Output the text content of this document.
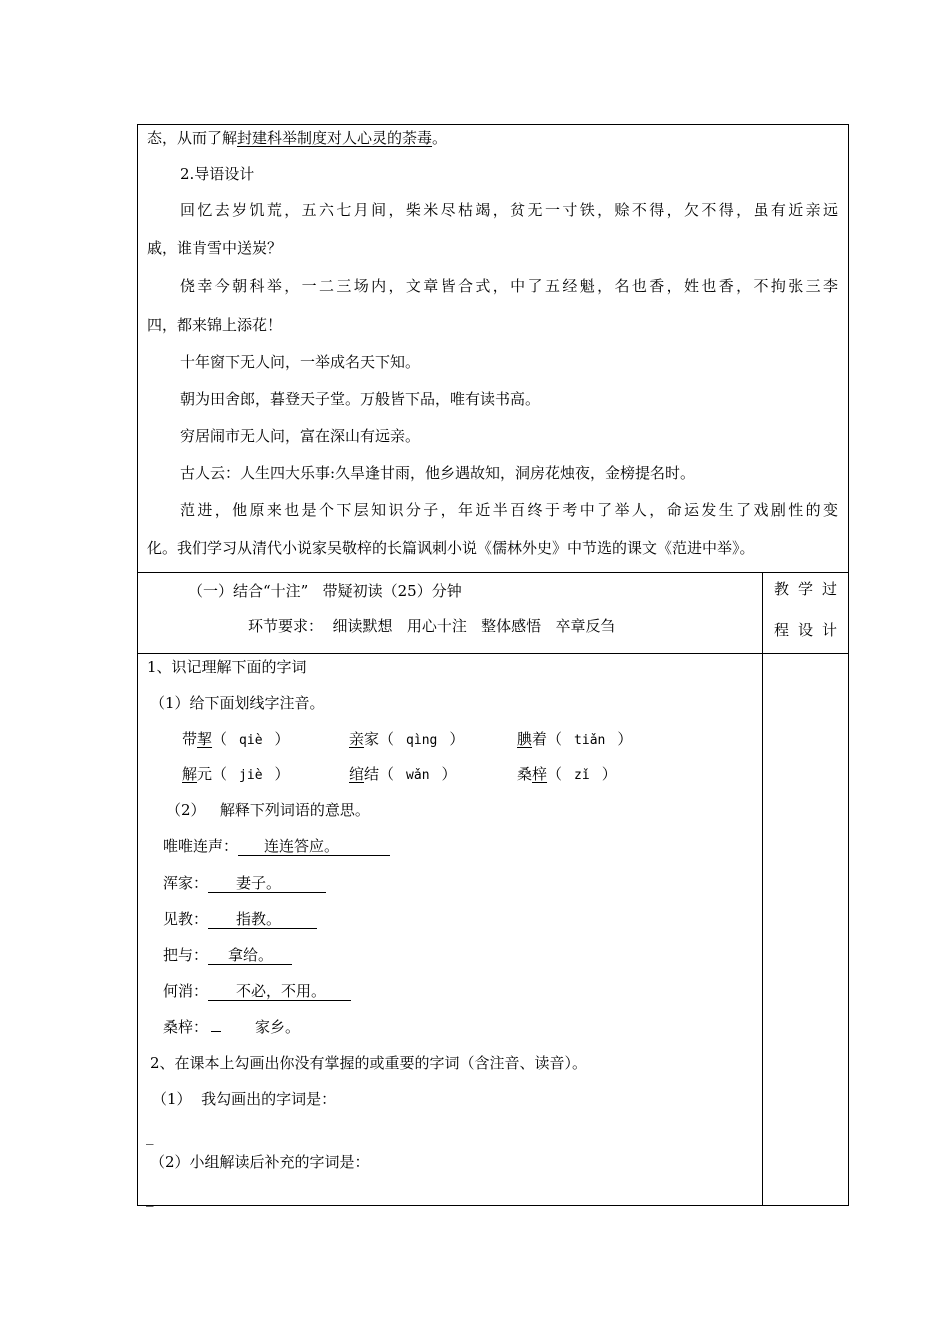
态，从而了解封建科举制度对人心灵的荼毒。
2.导语设计
回忆去岁饥荒，五六七月间，柴米尽枯竭，贫无一寸铁，赊不得，欠不得，虽有近亲远
戚，谁肯雪中送炭？
侥幸今朝科举，一二三场内，文章皆合式，中了五经魁，名也香，姓也香，不拘张三李
四，都来锦上添花！
十年窗下无人问，一举成名天下知。
朝为田舍郎，暮登天子堂。万般皆下品，唯有读书高。
穷居闹市无人问，富在深山有远亲。
古人云：人生四大乐事:久旱逢甘雨，他乡遇故知，洞房花烛夜，金榜提名时。
范进，他原来也是个下层知识分子，年近半百终于考中了举人，命运发生了戏剧性的变
化。我们学习从清代小说家吴敬梓的长篇讽刺小说《儒林外史》中节选的课文《范进中举》。
（一）结合“十注”   带疑初读（25）分钟
环节要求：  细读默想   用心十注   整体感悟   卒章反刍
教学过
程设计
1、识记理解下面的字词
（1）给下面划线字注音。
带挈（ qiè ）	亲家（ qìng ）	腆着（ tiǎn ）
解元（ jiè ）	绾结（ wǎn ）	桑梓（ zǐ ）
（2）   解释下列词语的意思。
唯唯连声： 连连答应。
浑家： 妻子。
见教： 指教。
把与： 拿给。
何消： 不必，不用。
桑梓：	家乡。
2、在课本上勾画出你没有掌握的或重要的字词（含注音、读音）。
（1）  我勾画出的字词是：
_
（2）小组解读后补充的字词是：
_
